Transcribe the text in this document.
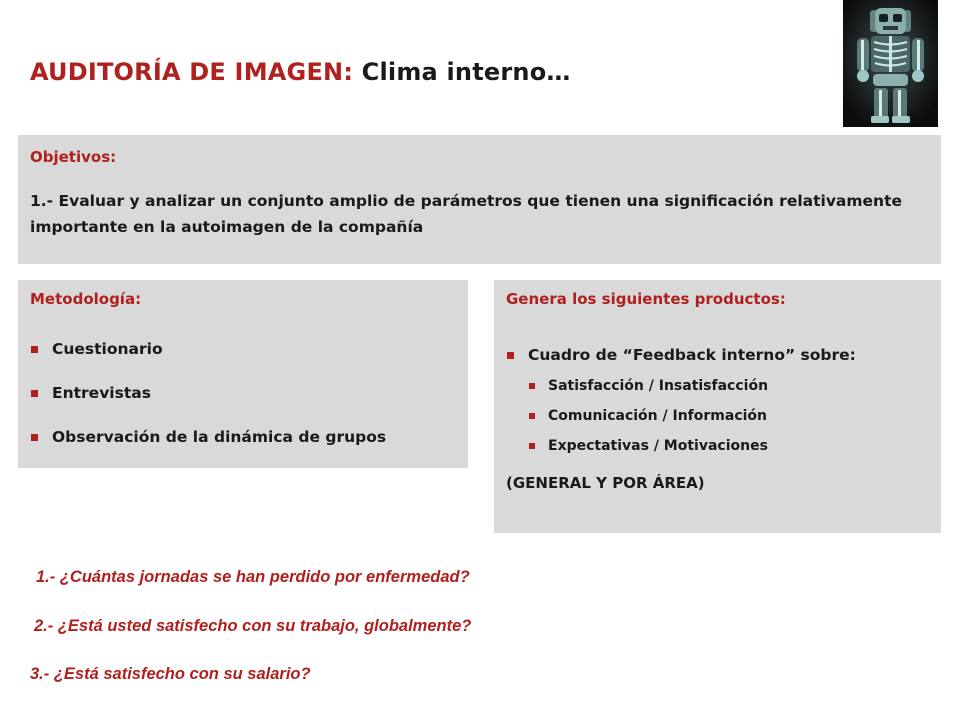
AUDITORÍA DE IMAGEN: Clima interno…
Objetivos:
1.- Evaluar y analizar un conjunto amplio de parámetros que tienen una significación relativamente importante en la autoimagen de la compañía
Metodología:
Cuestionario
Entrevistas
Observación de la dinámica de grupos
Genera los siguientes productos:
Cuadro de “Feedback interno” sobre:
Satisfacción / Insatisfacción
Comunicación / Información
Expectativas / Motivaciones
(GENERAL Y POR ÁREA)
1.- ¿Cuántas jornadas se han perdido por enfermedad?
2.- ¿Está usted satisfecho con su trabajo, globalmente?
3.- ¿Está satisfecho con su salario?
